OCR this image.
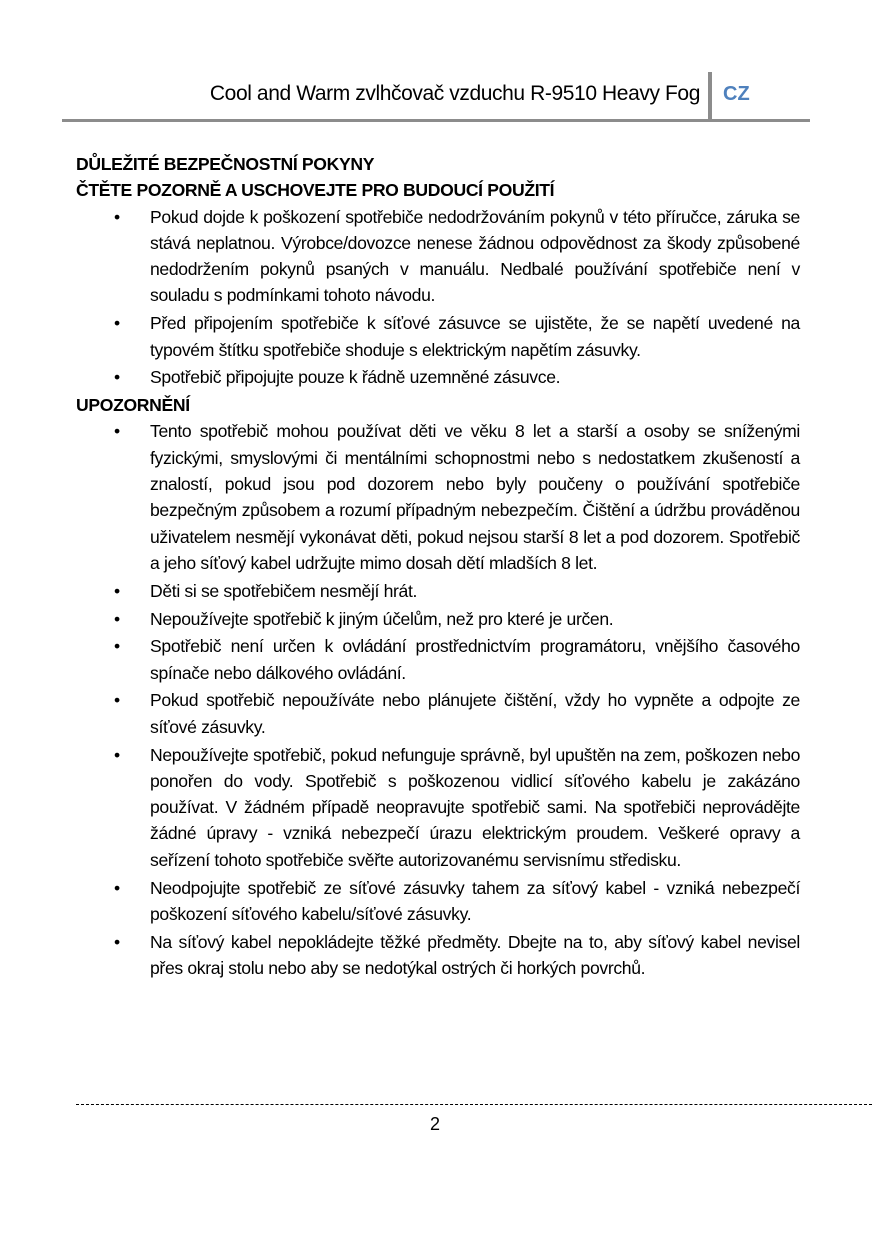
Cool and Warm zvlhčovač vzduchu R-9510 Heavy Fog CZ

DŮLEŽITÉ BEZPEČNOSTNÍ POKYNY

ČTĚTE POZORNĚ A USCHOVEJTE PRO BUDOUCÍ POUŽITÍ

• Pokud dojde k poškození spotřebiče nedodržováním pokynů v této příručce, záruka se stává neplatnou. Výrobce/dovozce nenese žádnou odpovědnost za škody způsobené nedodržením pokynů psaných v manuálu. Nedbalé používání spotřebiče není v souladu s podmínkami tohoto návodu.
• Před připojením spotřebiče k síťové zásuvce se ujistěte, že se napětí uvedené na typovém štítku spotřebiče shoduje s elektrickým napětím zásuvky.
• Spotřebič připojujte pouze k řádně uzemněné zásuvce.

UPOZORNĚNÍ

• Tento spotřebič mohou používat děti ve věku 8 let a starší a osoby se sníženými fyzickými, smyslovými či mentálními schopnostmi nebo s nedostatkem zkušeností a znalostí, pokud jsou pod dozorem nebo byly poučeny o používání spotřebiče bezpečným způsobem a rozumí případným nebezpečím. Čištění a údržbu prováděnou uživatelem nesmějí vykonávat děti, pokud nejsou starší 8 let a pod dozorem. Spotřebič a jeho síťový kabel udržujte mimo dosah dětí mladších 8 let.
• Děti si se spotřebičem nesmějí hrát.
• Nepoužívejte spotřebič k jiným účelům, než pro které je určen.
• Spotřebič není určen k ovládání prostřednictvím programátoru, vnějšího časového spínače nebo dálkového ovládání.
• Pokud spotřebič nepoužíváte nebo plánujete čištění, vždy ho vypněte a odpojte ze síťové zásuvky.
• Nepoužívejte spotřebič, pokud nefunguje správně, byl upuštěn na zem, poškozen nebo ponořen do vody. Spotřebič s poškozenou vidlicí síťového kabelu je zakázáno používat. V žádném případě neopravujte spotřebič sami. Na spotřebiči neprovádějte žádné úpravy - vzniká nebezpečí úrazu elektrickým proudem. Veškeré opravy a seřízení tohoto spotřebiče svěřte autorizovanému servisnímu středisku.
• Neodpojujte spotřebič ze síťové zásuvky tahem za síťový kabel - vzniká nebezpečí poškození síťového kabelu/síťové zásuvky.
• Na síťový kabel nepokládejte těžké předměty. Dbejte na to, aby síťový kabel nevisel přes okraj stolu nebo aby se nedotýkal ostrých či horkých povrchů.
2
